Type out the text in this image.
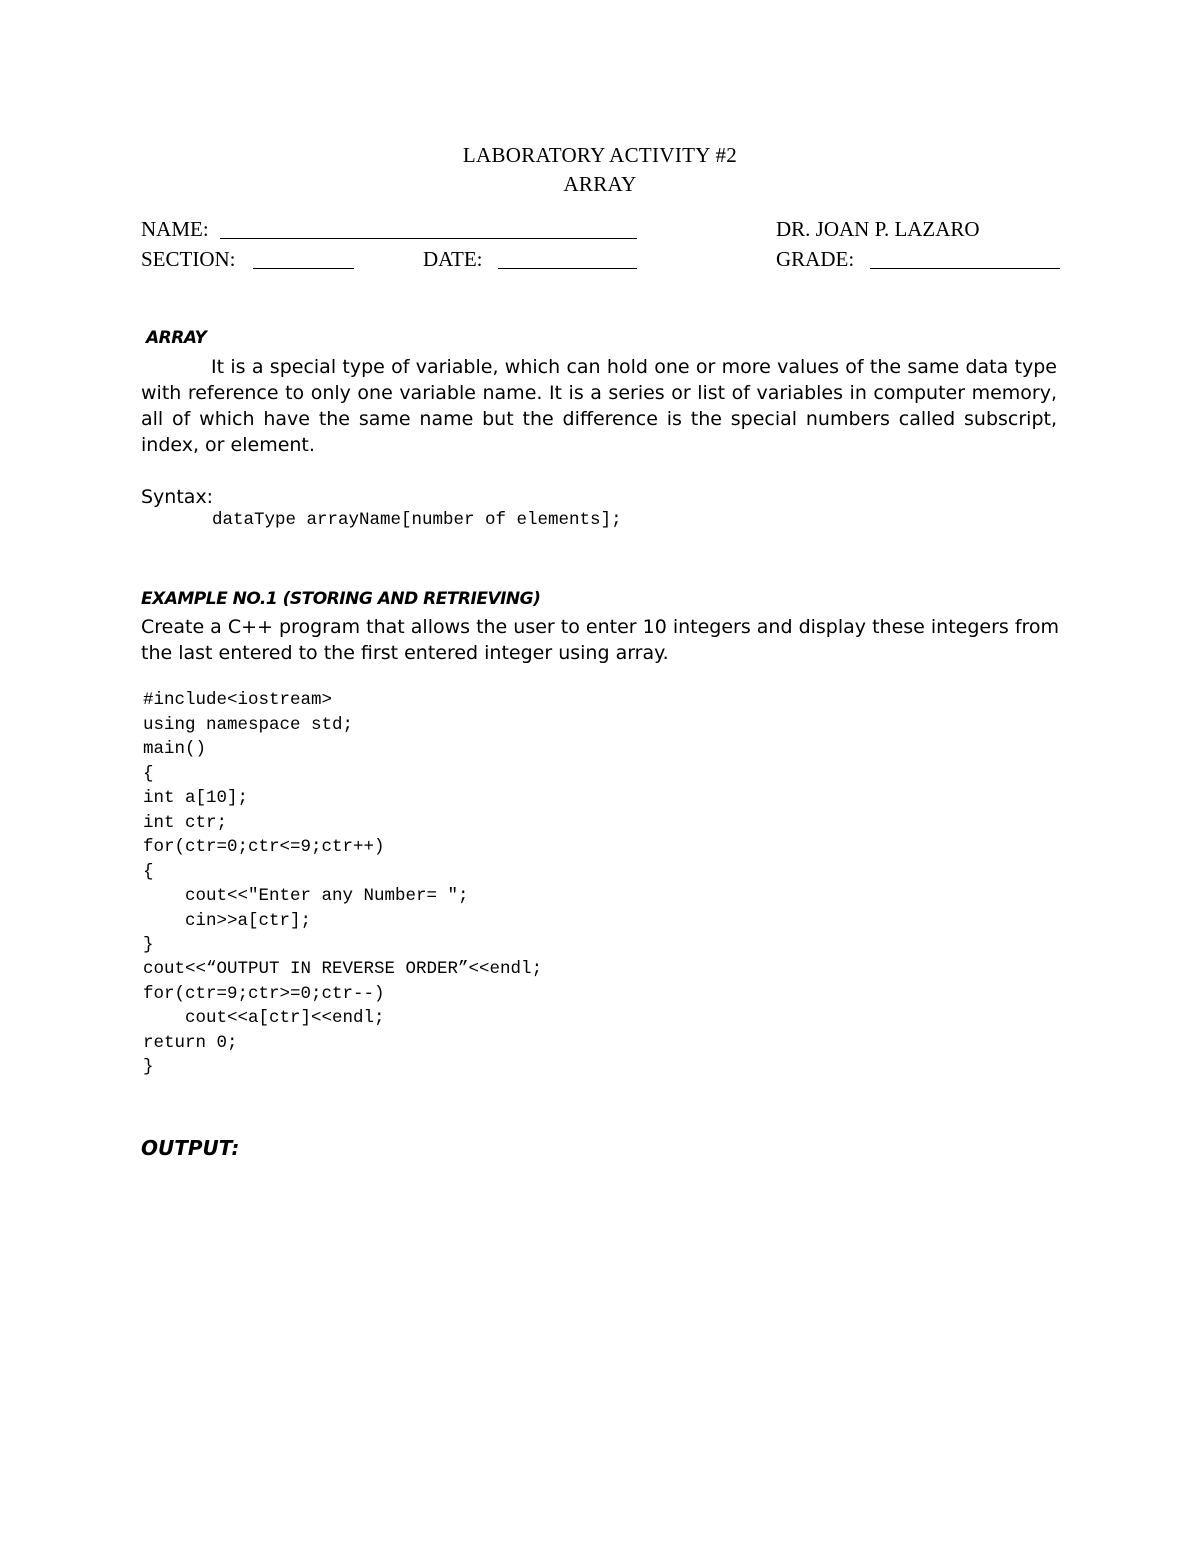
LABORATORY ACTIVITY #2
ARRAY
NAME:	DR. JOAN P. LAZARO
SECTION:	DATE:	GRADE:
ARRAY
It is a special type of variable, which can hold one or more values of the same data type with reference to only one variable name. It is a series or list of variables in computer memory, all of which have the same name but the difference is the special numbers called subscript, index, or element.
Syntax:
dataType arrayName[number of elements];
EXAMPLE NO.1 (STORING AND RETRIEVING)
Create a C++ program that allows the user to enter 10 integers and display these integers from the last entered to the first entered integer using array.
#include<iostream>
using namespace std;
main()
{
int a[10];
int ctr;
for(ctr=0;ctr<=9;ctr++)
{
cout<<"Enter any Number= ";
cin>>a[ctr];
}
cout<<“OUTPUT IN REVERSE ORDER”<<endl;
for(ctr=9;ctr>=0;ctr--)
cout<<a[ctr]<<endl;
return 0;
}
OUTPUT:
